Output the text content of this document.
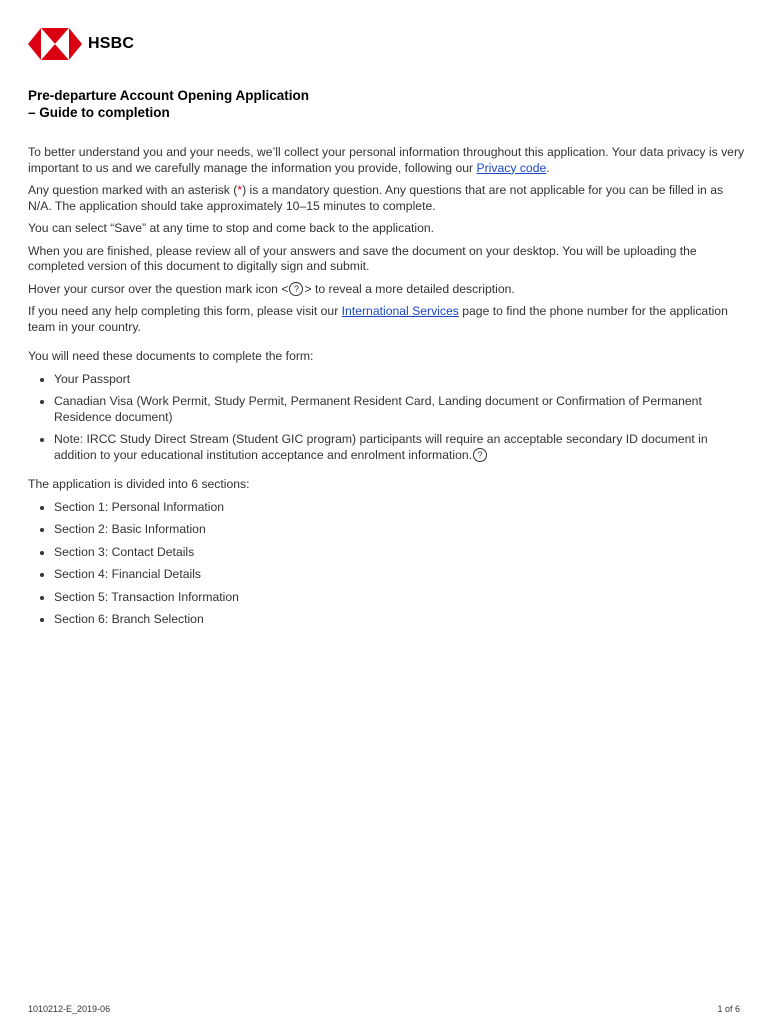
HSBC
Pre-departure Account Opening Application
– Guide to completion

To better understand you and your needs, we’ll collect your personal information throughout this application. Your data privacy is very important to us and we carefully manage the information you provide, following our Privacy code.

Any question marked with an asterisk (*) is a mandatory question. Any questions that are not applicable for you can be filled in as N/A. The application should take approximately 10–15 minutes to complete.

You can select “Save” at any time to stop and come back to the application.

When you are finished, please review all of your answers and save the document on your desktop. You will be uploading the completed version of this document to digitally sign and submit.

Hover your cursor over the question mark icon < ? > to reveal a more detailed description.

If you need any help completing this form, please visit our International Services page to find the phone number for the application team in your country.

You will need these documents to complete the form:

Your Passport
Canadian Visa (Work Permit, Study Permit, Permanent Resident Card, Landing document or Confirmation of Permanent Residence document)
Note: IRCC Study Direct Stream (Student GIC program) participants will require an acceptable secondary ID document in addition to your educational institution acceptance and enrolment information. ?

The application is divided into 6 sections:

Section 1: Personal Information
Section 2: Basic Information
Section 3: Contact Details
Section 4: Financial Details
Section 5: Transaction Information
Section 6: Branch Selection
1010212-E_2019-06	1 of 6
